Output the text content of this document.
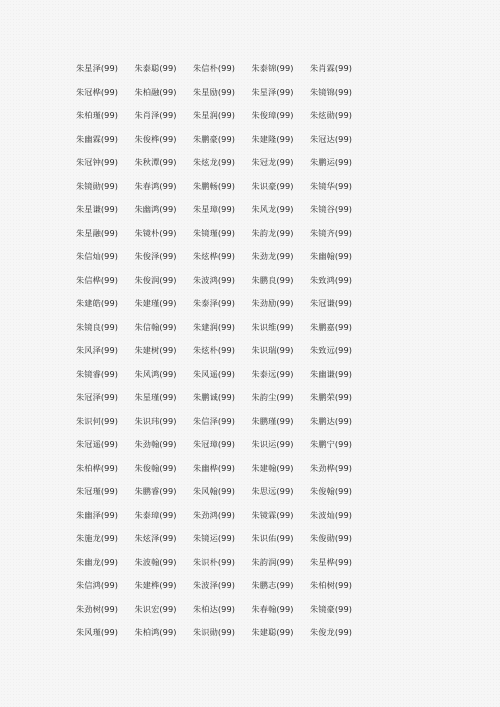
朱星泽(99)	朱泰聪(99)	朱信朴(99)	朱泰锦(99)	朱肖霖(99)
朱冠桦(99)	朱柏融(99)	朱星励(99)	朱星泽(99)	朱镜锦(99)
朱柏瑾(99)	朱肖泽(99)	朱星润(99)	朱俊璋(99)	朱炫勋(99)
朱幽霖(99)	朱俊桦(99)	朱鹏豪(99)	朱建隆(99)	朱冠达(99)
朱冠钟(99)	朱秋潭(99)	朱炫龙(99)	朱冠龙(99)	朱鹏运(99)
朱镜勋(99)	朱春鸿(99)	朱鹏畅(99)	朱识豪(99)	朱镜华(99)
朱星谦(99)	朱幽鸿(99)	朱星璋(99)	朱风龙(99)	朱镜谷(99)
朱星融(99)	朱镜朴(99)	朱镜瑾(99)	朱韵龙(99)	朱镜齐(99)
朱信灿(99)	朱俊泽(99)	朱炫桦(99)	朱劲龙(99)	朱幽翰(99)
朱信桦(99)	朱俊润(99)	朱波鸿(99)	朱鹏良(99)	朱致鸿(99)
朱建皓(99)	朱建瑾(99)	朱泰泽(99)	朱劲励(99)	朱冠谦(99)
朱镜良(99)	朱信翰(99)	朱建润(99)	朱识维(99)	朱鹏嘉(99)
朱风泽(99)	朱建树(99)	朱炫朴(99)	朱识瑞(99)	朱致远(99)
朱镜睿(99)	朱风鸿(99)	朱风遥(99)	朱泰远(99)	朱幽谦(99)
朱冠泽(99)	朱星瑾(99)	朱鹏诚(99)	朱韵尘(99)	朱鹏荣(99)
朱识何(99)	朱识玮(99)	朱信泽(99)	朱鹏瑾(99)	朱鹏达(99)
朱冠遥(99)	朱劲翰(99)	朱冠璋(99)	朱识运(99)	朱鹏宁(99)
朱柏桦(99)	朱俊翰(99)	朱幽桦(99)	朱建翰(99)	朱劲桦(99)
朱冠瑾(99)	朱鹏睿(99)	朱风翰(99)	朱思远(99)	朱俊翰(99)
朱幽泽(99)	朱泰璋(99)	朱劲鸿(99)	朱镜霖(99)	朱波灿(99)
朱施龙(99)	朱炫泽(99)	朱镜运(99)	朱识佑(99)	朱俊勋(99)
朱幽龙(99)	朱波翰(99)	朱识朴(99)	朱韵润(99)	朱星桦(99)
朱信鸿(99)	朱建桦(99)	朱波泽(99)	朱鹏志(99)	朱柏树(99)
朱劲树(99)	朱识宏(99)	朱柏达(99)	朱春翰(99)	朱镜豪(99)
朱风瑾(99)	朱柏鸿(99)	朱识勋(99)	朱建聪(99)	朱俊龙(99)
